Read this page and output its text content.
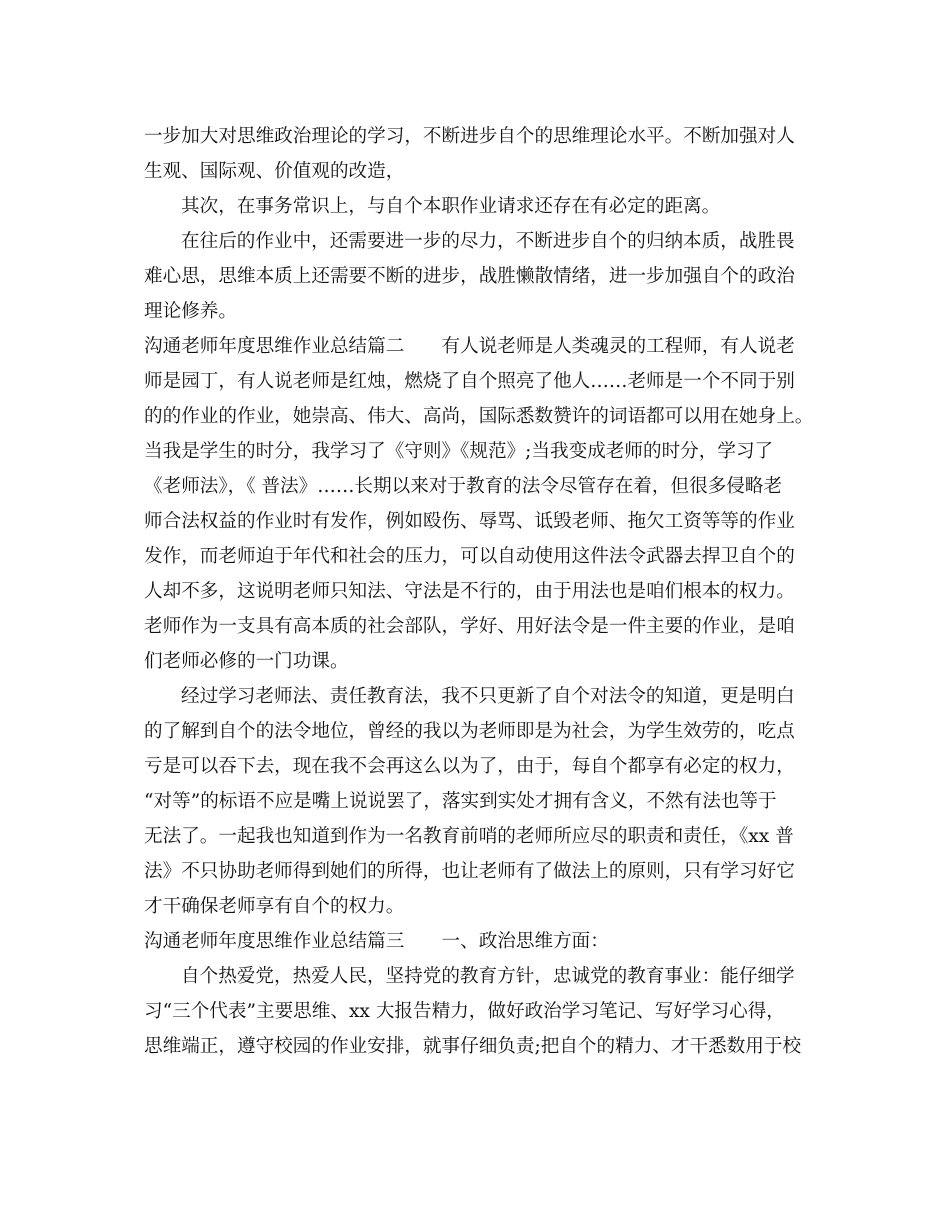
一步加大对思维政治理论的学习，不断进步自个的思维理论水平。不断加强对人
生观、国际观、价值观的改造，
其次，在事务常识上，与自个本职作业请求还存在有必定的距离。
在往后的作业中，还需要进一步的尽力，不断进步自个的归纳本质，战胜畏
难心思，思维本质上还需要不断的进步，战胜懒散情绪，进一步加强自个的政治
理论修养。
沟通老师年度思维作业总结篇二　　有人说老师是人类魂灵的工程师，有人说老
师是园丁，有人说老师是红烛，燃烧了自个照亮了他人……老师是一个不同于别
的的作业的作业，她崇高、伟大、高尚，国际悉数赞许的词语都可以用在她身上。
当我是学生的时分，我学习了《守则》《规范》;当我变成老师的时分，学习了
《老师法》，《 普法》……长期以来对于教育的法令尽管存在着，但很多侵略老
师合法权益的作业时有发作，例如殴伤、辱骂、诋毁老师、拖欠工资等等的作业
发作，而老师迫于年代和社会的压力，可以自动使用这件法令武器去捍卫自个的
人却不多，这说明老师只知法、守法是不行的，由于用法也是咱们根本的权力。
老师作为一支具有高本质的社会部队，学好、用好法令是一件主要的作业，是咱
们老师必修的一门功课。
经过学习老师法、责任教育法，我不只更新了自个对法令的知道，更是明白
的了解到自个的法令地位，曾经的我以为老师即是为社会，为学生效劳的，吃点
亏是可以吞下去，现在我不会再这么以为了，由于，每自个都享有必定的权力，
“对等”的标语不应是嘴上说说罢了，落实到实处才拥有含义，不然有法也等于
无法了。一起我也知道到作为一名教育前哨的老师所应尽的职责和责任，《xx 普
法》不只协助老师得到她们的所得，也让老师有了做法上的原则，只有学习好它
才干确保老师享有自个的权力。
沟通老师年度思维作业总结篇三　　一、政治思维方面：
自个热爱党，热爱人民，坚持党的教育方针，忠诚党的教育事业：能仔细学
习“三个代表”主要思维、xx 大报告精力，做好政治学习笔记、写好学习心得，
思维端正，遵守校园的作业安排，就事仔细负责;把自个的精力、才干悉数用于校
